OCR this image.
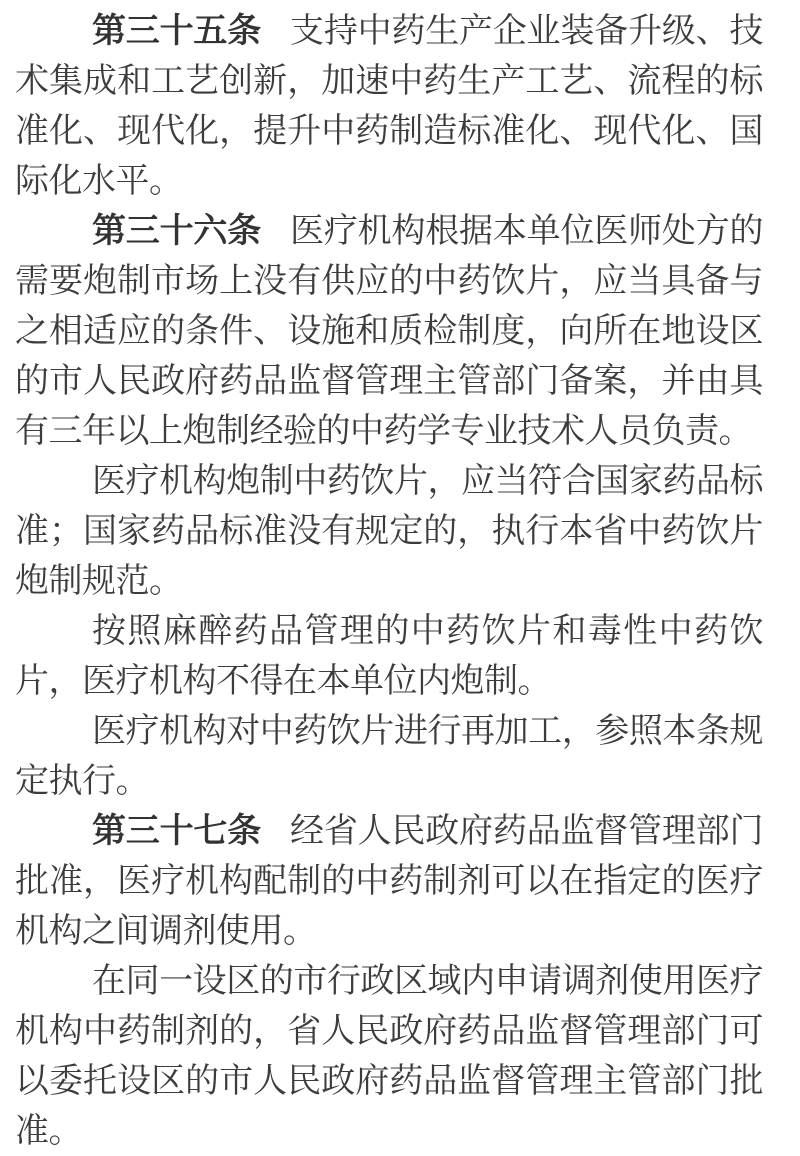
第三十五条 支持中药生产企业装备升级、技术集成和工艺创新，加速中药生产工艺、流程的标准化、现代化，提升中药制造标准化、现代化、国际化水平。

第三十六条 医疗机构根据本单位医师处方的需要炮制市场上没有供应的中药饮片，应当具备与之相适应的条件、设施和质检制度，向所在地设区的市人民政府药品监督管理主管部门备案，并由具有三年以上炮制经验的中药学专业技术人员负责。

医疗机构炮制中药饮片，应当符合国家药品标准；国家药品标准没有规定的，执行本省中药饮片炮制规范。

按照麻醉药品管理的中药饮片和毒性中药饮片，医疗机构不得在本单位内炮制。

医疗机构对中药饮片进行再加工，参照本条规定执行。

第三十七条 经省人民政府药品监督管理部门批准，医疗机构配制的中药制剂可以在指定的医疗机构之间调剂使用。

在同一设区的市行政区域内申请调剂使用医疗机构中药制剂的，省人民政府药品监督管理部门可以委托设区的市人民政府药品监督管理主管部门批准。
